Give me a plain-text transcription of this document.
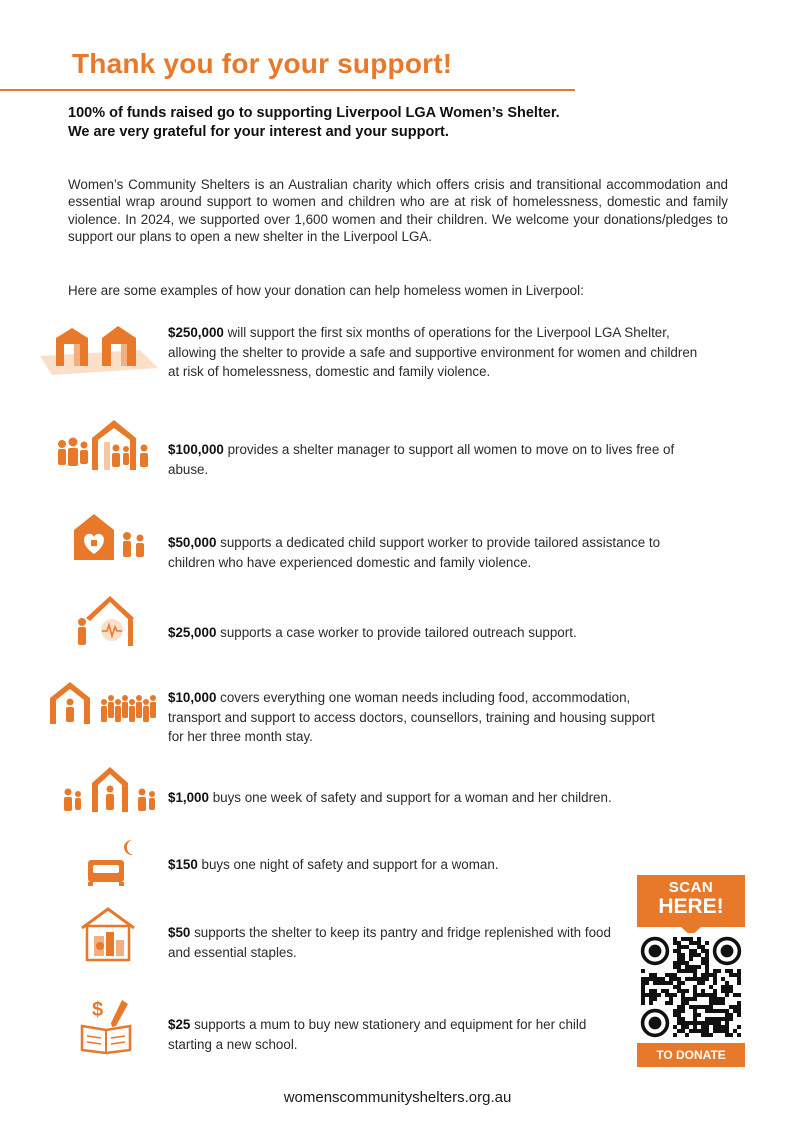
Thank you for your support!
100% of funds raised go to supporting Liverpool LGA Women’s Shelter.
We are very grateful for your interest and your support.
Women’s Community Shelters is an Australian charity which offers crisis and transitional accommodation and essential wrap around support to women and children who are at risk of homelessness, domestic and family violence. In 2024, we supported over 1,600 women and their children. We welcome your donations/pledges to support our plans to open a new shelter in the Liverpool LGA.
Here are some examples of how your donation can help homeless women in Liverpool:
$250,000 will support the first six months of operations for the Liverpool LGA Shelter, allowing the shelter to provide a safe and supportive environment for women and children at risk of homelessness, domestic and family violence.
$100,000 provides a shelter manager to support all women to move on to lives free of abuse.
$50,000 supports a dedicated child support worker to provide tailored assistance to children who have experienced domestic and family violence.
$25,000 supports a case worker to provide tailored outreach support.
$10,000 covers everything one woman needs including food, accommodation, transport and support to access doctors, counsellors, training and housing support for her three month stay.
$1,000 buys one week of safety and support for a woman and her children.
$150 buys one night of safety and support for a woman.
$50 supports the shelter to keep its pantry and fridge replenished with food and essential staples.
$25 supports a mum to buy new stationery and equipment for her child starting a new school.
$
SCAN
HERE!
TO DONATE
womenscommunityshelters.org.au
